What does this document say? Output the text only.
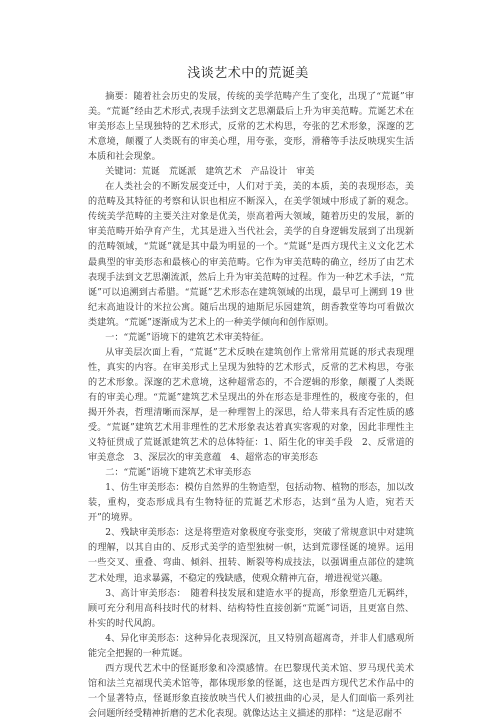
浅谈艺术中的荒诞美

摘要：随着社会历史的发展，传统的美学范畴产生了变化，出现了“荒诞”审美。“荒诞”经由艺术形式,表现手法到文艺思潮最后上升为审美范畴。荒诞艺术在审美形态上呈现独特的艺术形式，反常的艺术构思，夸张的艺术形象，深邃的艺术意境，颠覆了人类既有的审美心理，用夸张，变形，滑稽等手法反映现实生活本质和社会现象。

关键词：荒诞　荒诞派　建筑艺术　产品设计　审美

在人类社会的不断发展变迁中，人们对于美，美的本质，美的表现形态，美的范畴及其特征的考察和认识也相应不断深入，在美学领域中形成了新的观念。传统美学范畴的主要关注对象是优美，崇高着两大领域，随着历史的发展，新的审美范畴开始孕育产生，尤其是进入当代社会，美学的自身逻辑发展到了出现新的范畴领域，“荒诞”就是其中最为明显的一个。“荒诞”是西方现代主义文化艺术最典型的审美形态和最核心的审美范畴。它作为审美范畴的确立，经历了由艺术表现手法到文艺思潮流派，然后上升为审美范畴的过程。作为一种艺术手法，“荒诞”可以追溯到古希腊。“荒诞”艺术形态在建筑领域的出现，最早可上溯到 19 世纪末高迪设计的米拉公寓。随后出现的迪斯尼乐园建筑，朗香教堂等均可看做次类建筑。“荒诞”逐渐成为艺术上的一种美学倾向和创作原则。

一：“荒诞”语境下的建筑艺术审美特征。

从审美层次面上看，“荒诞”艺术反映在建筑创作上常常用荒诞的形式表现理性，真实的内容。在审美形式上呈现为独特的艺术形式，反常的艺术构思，夸张的艺术形象。深邃的艺术意境，这种超常态的，不合逻辑的形象，颠覆了人类既有的审美心理。“荒诞”建筑艺术呈现出的外在形态是非理性的，极度夸张的，但揭开外表，哲理清晰而深厚，是一种理智上的深思，给人带来具有否定性质的感受。“荒诞”建筑艺术用非理性的艺术形象表达着真实客观的对象，因此非理性主义特征贯成了荒诞派建筑艺术的总体特征：1、陌生化的审美手段　2、反常道的审美意念　3、深层次的审美意蕴　4、超常态的审美形态

二：“荒诞”语境下建筑艺术审美形态

1、仿生审美形态：模仿自然界的生物造型，包括动物、植物的形态，加以改装，重构，变态形成具有生物特征的荒诞艺术形态，达到“虽为人造，宛若天开”的境界。

2、残缺审美形态：这是将塑造对象极度夸张变形，突破了常规意识中对建筑的理解，以其自由的、反形式美学的造型独树一帜，达到荒谬怪诞的境界。运用一些交叉、重叠、弯曲、倾斜、扭转、断裂等构成技法，以强调重点部位的建筑艺术处理，追求暴露，不稳定的残缺感，使观众精神亢奋，增进视觉兴趣。

3、高计审美形态：　随着科技发展和建造水平的提高，形象塑造几无羁绊，顾可充分利用高科技时代的材料、结构特性直接创新“荒诞”词语，且更富自然、朴实的时代风韵。

4、异化审美形态：这种异化表现深沉，且又特别高超离奇，并非人们感观所能完全把握的一种荒诞。

西方现代艺术中的怪诞形象和冷漠感情。在巴黎现代美术馆、罗马现代美术馆和法兰克福现代美术馆等，都体现形象的怪诞，这也是西方现代艺术作品中的一个显著特点，怪诞形象直接放映当代人们被扭曲的心灵，是人们面临一系列社会问题所经受精神折磨的艺术化表现。就像达达主义描述的那样：“这是忍耐不
